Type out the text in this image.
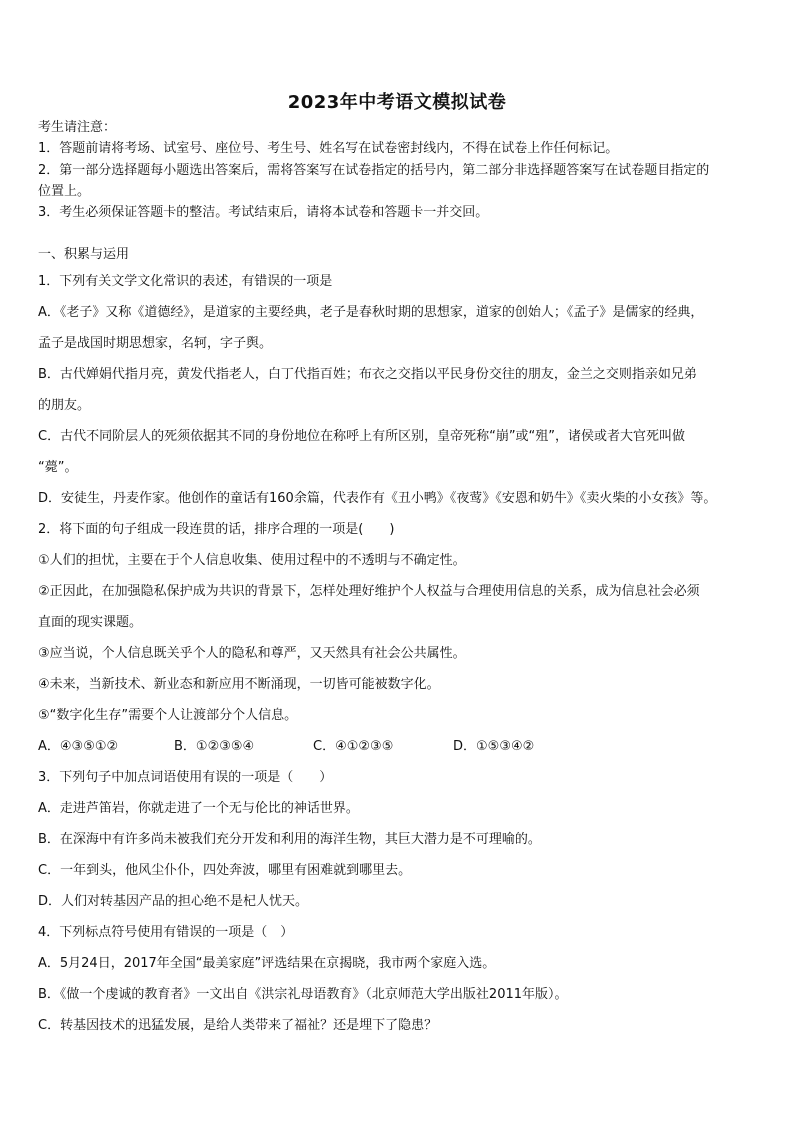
2023年中考语文模拟试卷
考生请注意：
1．答题前请将考场、试室号、座位号、考生号、姓名写在试卷密封线内，不得在试卷上作任何标记。
2．第一部分选择题每小题选出答案后，需将答案写在试卷指定的括号内，第二部分非选择题答案写在试卷题目指定的
位置上。
3．考生必须保证答题卡的整洁。考试结束后，请将本试卷和答题卡一并交回。
一、积累与运用
1．下列有关文学文化常识的表述，有错误的一项是
A．《老子》又称《道德经》，是道家的主要经典，老子是春秋时期的思想家，道家的创始人；《孟子》是儒家的经典，
孟子是战国时期思想家，名轲，字子舆。
B．古代婵娟代指月亮，黄发代指老人，白丁代指百姓；布衣之交指以平民身份交往的朋友，金兰之交则指亲如兄弟
的朋友。
C．古代不同阶层人的死须依据其不同的身份地位在称呼上有所区别，皇帝死称“崩”或“殂”，诸侯或者大官死叫做
“薨”。
D．安徒生，丹麦作家。他创作的童话有160余篇，代表作有《丑小鸭》《夜莺》《安恩和奶牛》《卖火柴的小女孩》等。
2．将下面的句子组成一段连贯的话，排序合理的一项是(　　)
①人们的担忧，主要在于个人信息收集、使用过程中的不透明与不确定性。
②正因此，在加强隐私保护成为共识的背景下，怎样处理好维护个人权益与合理使用信息的关系，成为信息社会必须
直面的现实课题。
③应当说，个人信息既关乎个人的隐私和尊严，又天然具有社会公共属性。
④未来，当新技术、新业态和新应用不断涌现，一切皆可能被数字化。
⑤“数字化生存”需要个人让渡部分个人信息。
A．④③⑤①②	B．①②③⑤④	C．④①②③⑤	D．①⑤③④②
3．下列句子中加点词语使用有误的一项是（　　）
A．走进芦笛岩，你就走进了一个无与伦比的神话世界。
B．在深海中有许多尚未被我们充分开发和利用的海洋生物，其巨大潜力是不可理喻的。
C．一年到头，他风尘仆仆，四处奔波，哪里有困难就到哪里去。
D．人们对转基因产品的担心绝不是杞人忧天。
4．下列标点符号使用有错误的一项是（　）
A．5月24日，2017年全国“最美家庭”评选结果在京揭晓，我市两个家庭入选。
B．《做一个虔诚的教育者》一文出自《洪宗礼母语教育》（北京师范大学出版社2011年版）。
C．转基因技术的迅猛发展，是给人类带来了福祉？还是埋下了隐患？
